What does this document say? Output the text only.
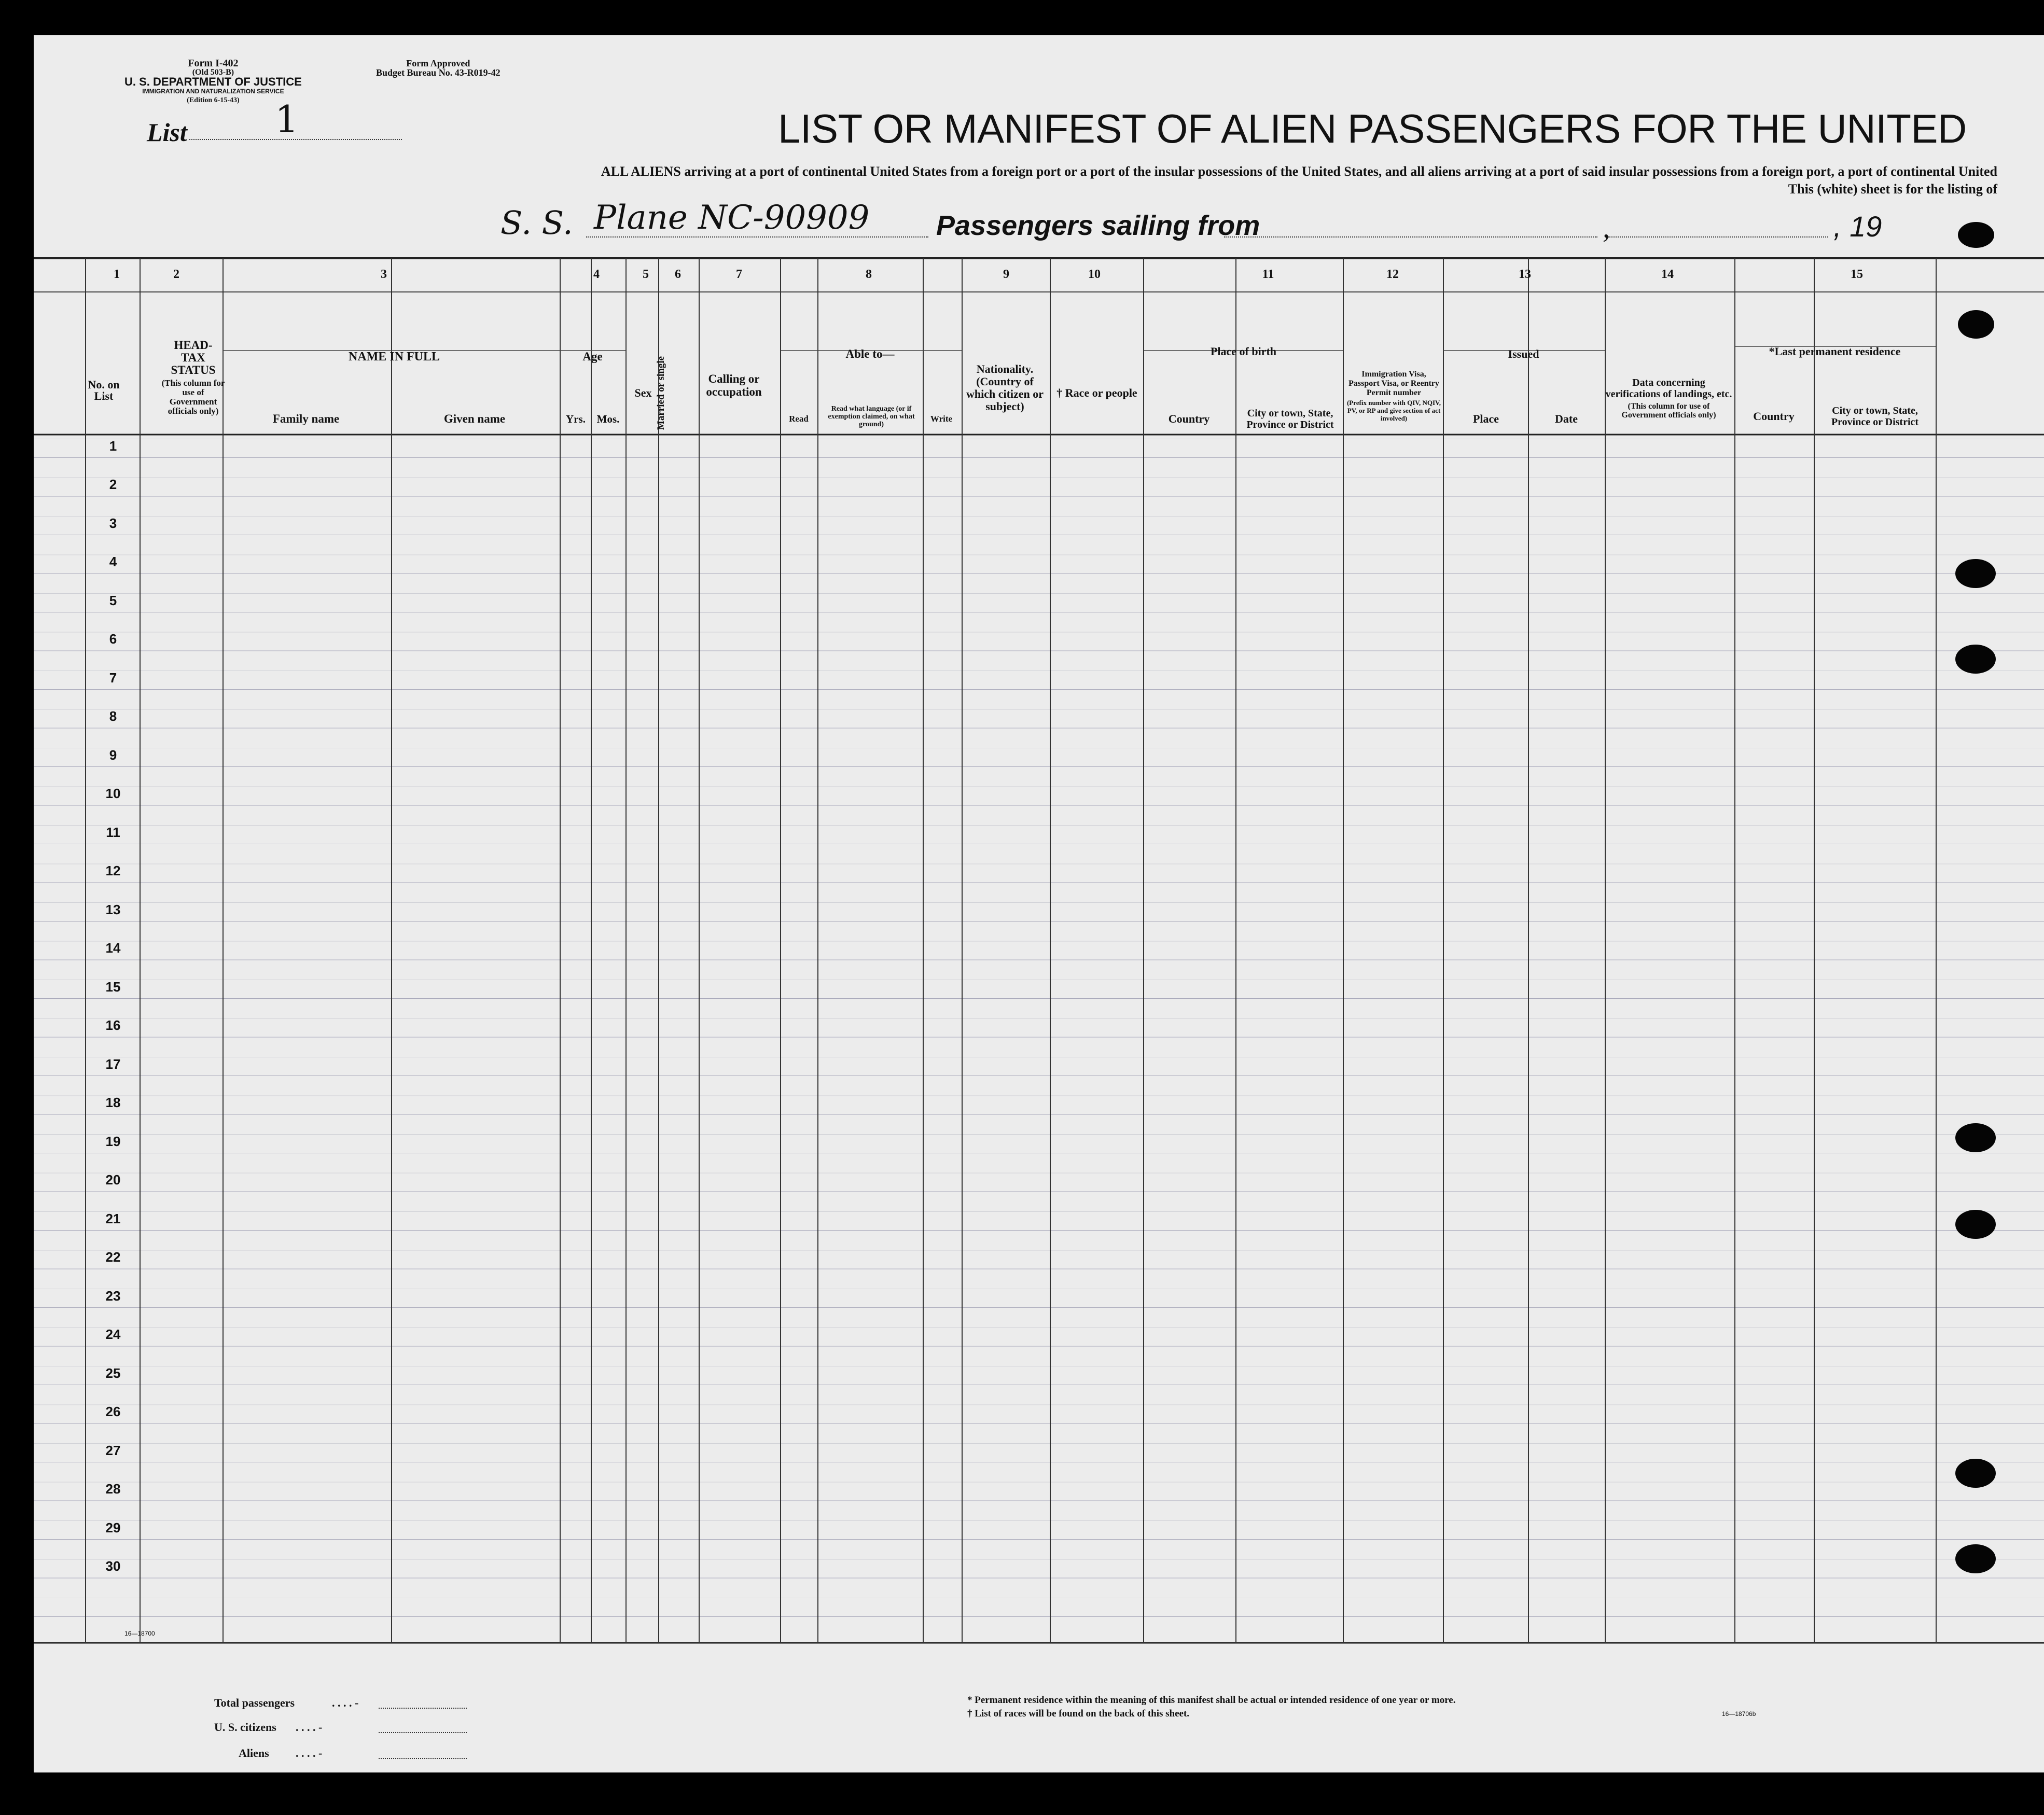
Form I-402
(Old 503-B)
U. S. DEPARTMENT OF JUSTICE
IMMIGRATION AND NATURALIZATION SERVICE
(Edition 6-15-43)
Form Approved
Budget Bureau No. 43-R019-42
List 1	LIST OR MANIFEST OF ALIEN PASSENGERS FOR THE UNITED
ALL ALIENS arriving at a port of continental United States from a foreign port or a port of the insular possessions of the United States, and all aliens arriving at a port of said insular possessions from a foreign port, a port of continental United
This (white) sheet is for the listing of
S. S. Plane NC-90909 Passengers sailing from	,	, 19
1	2	3	4	5	6	7	8	9	10	11	12	13	14	15
No. on List
HEAD-TAX STATUS
(This column for use of Government officials only)
NAME IN FULL
Family name	Given name
Age
Yrs.	Mos.
Sex Married or single	Calling or occupation
Able to—
Read
Read what language (or if exemption claimed, on what ground)
Write
Nationality. (Country of which citizen or subject)
† Race or people
Place of birth
Country	City or town, State, Province or District
Immigration Visa, Passport Visa, or Reentry Permit number
(Prefix number with QIV, NQIV, PV, or RP and give section of act involved)
Issued
Place	Date
Data concerning verifications of landings, etc.
(This column for use of Government officials only)
*Last permanent residence
Country	City or town, State, Province or District
1
2
3
4
5
6
7
8
9
10
11
12
13
14
15
16
17
18
19
20
21
22
23
24
25
26
27
28
29
30
16—18700
Total passengers	. . . . -
U. S. citizens . . . . -
Aliens . . . . -
* Permanent residence within the meaning of this manifest shall be actual or intended residence of one year or more.
† List of races will be found on the back of this sheet.	16—18706b
